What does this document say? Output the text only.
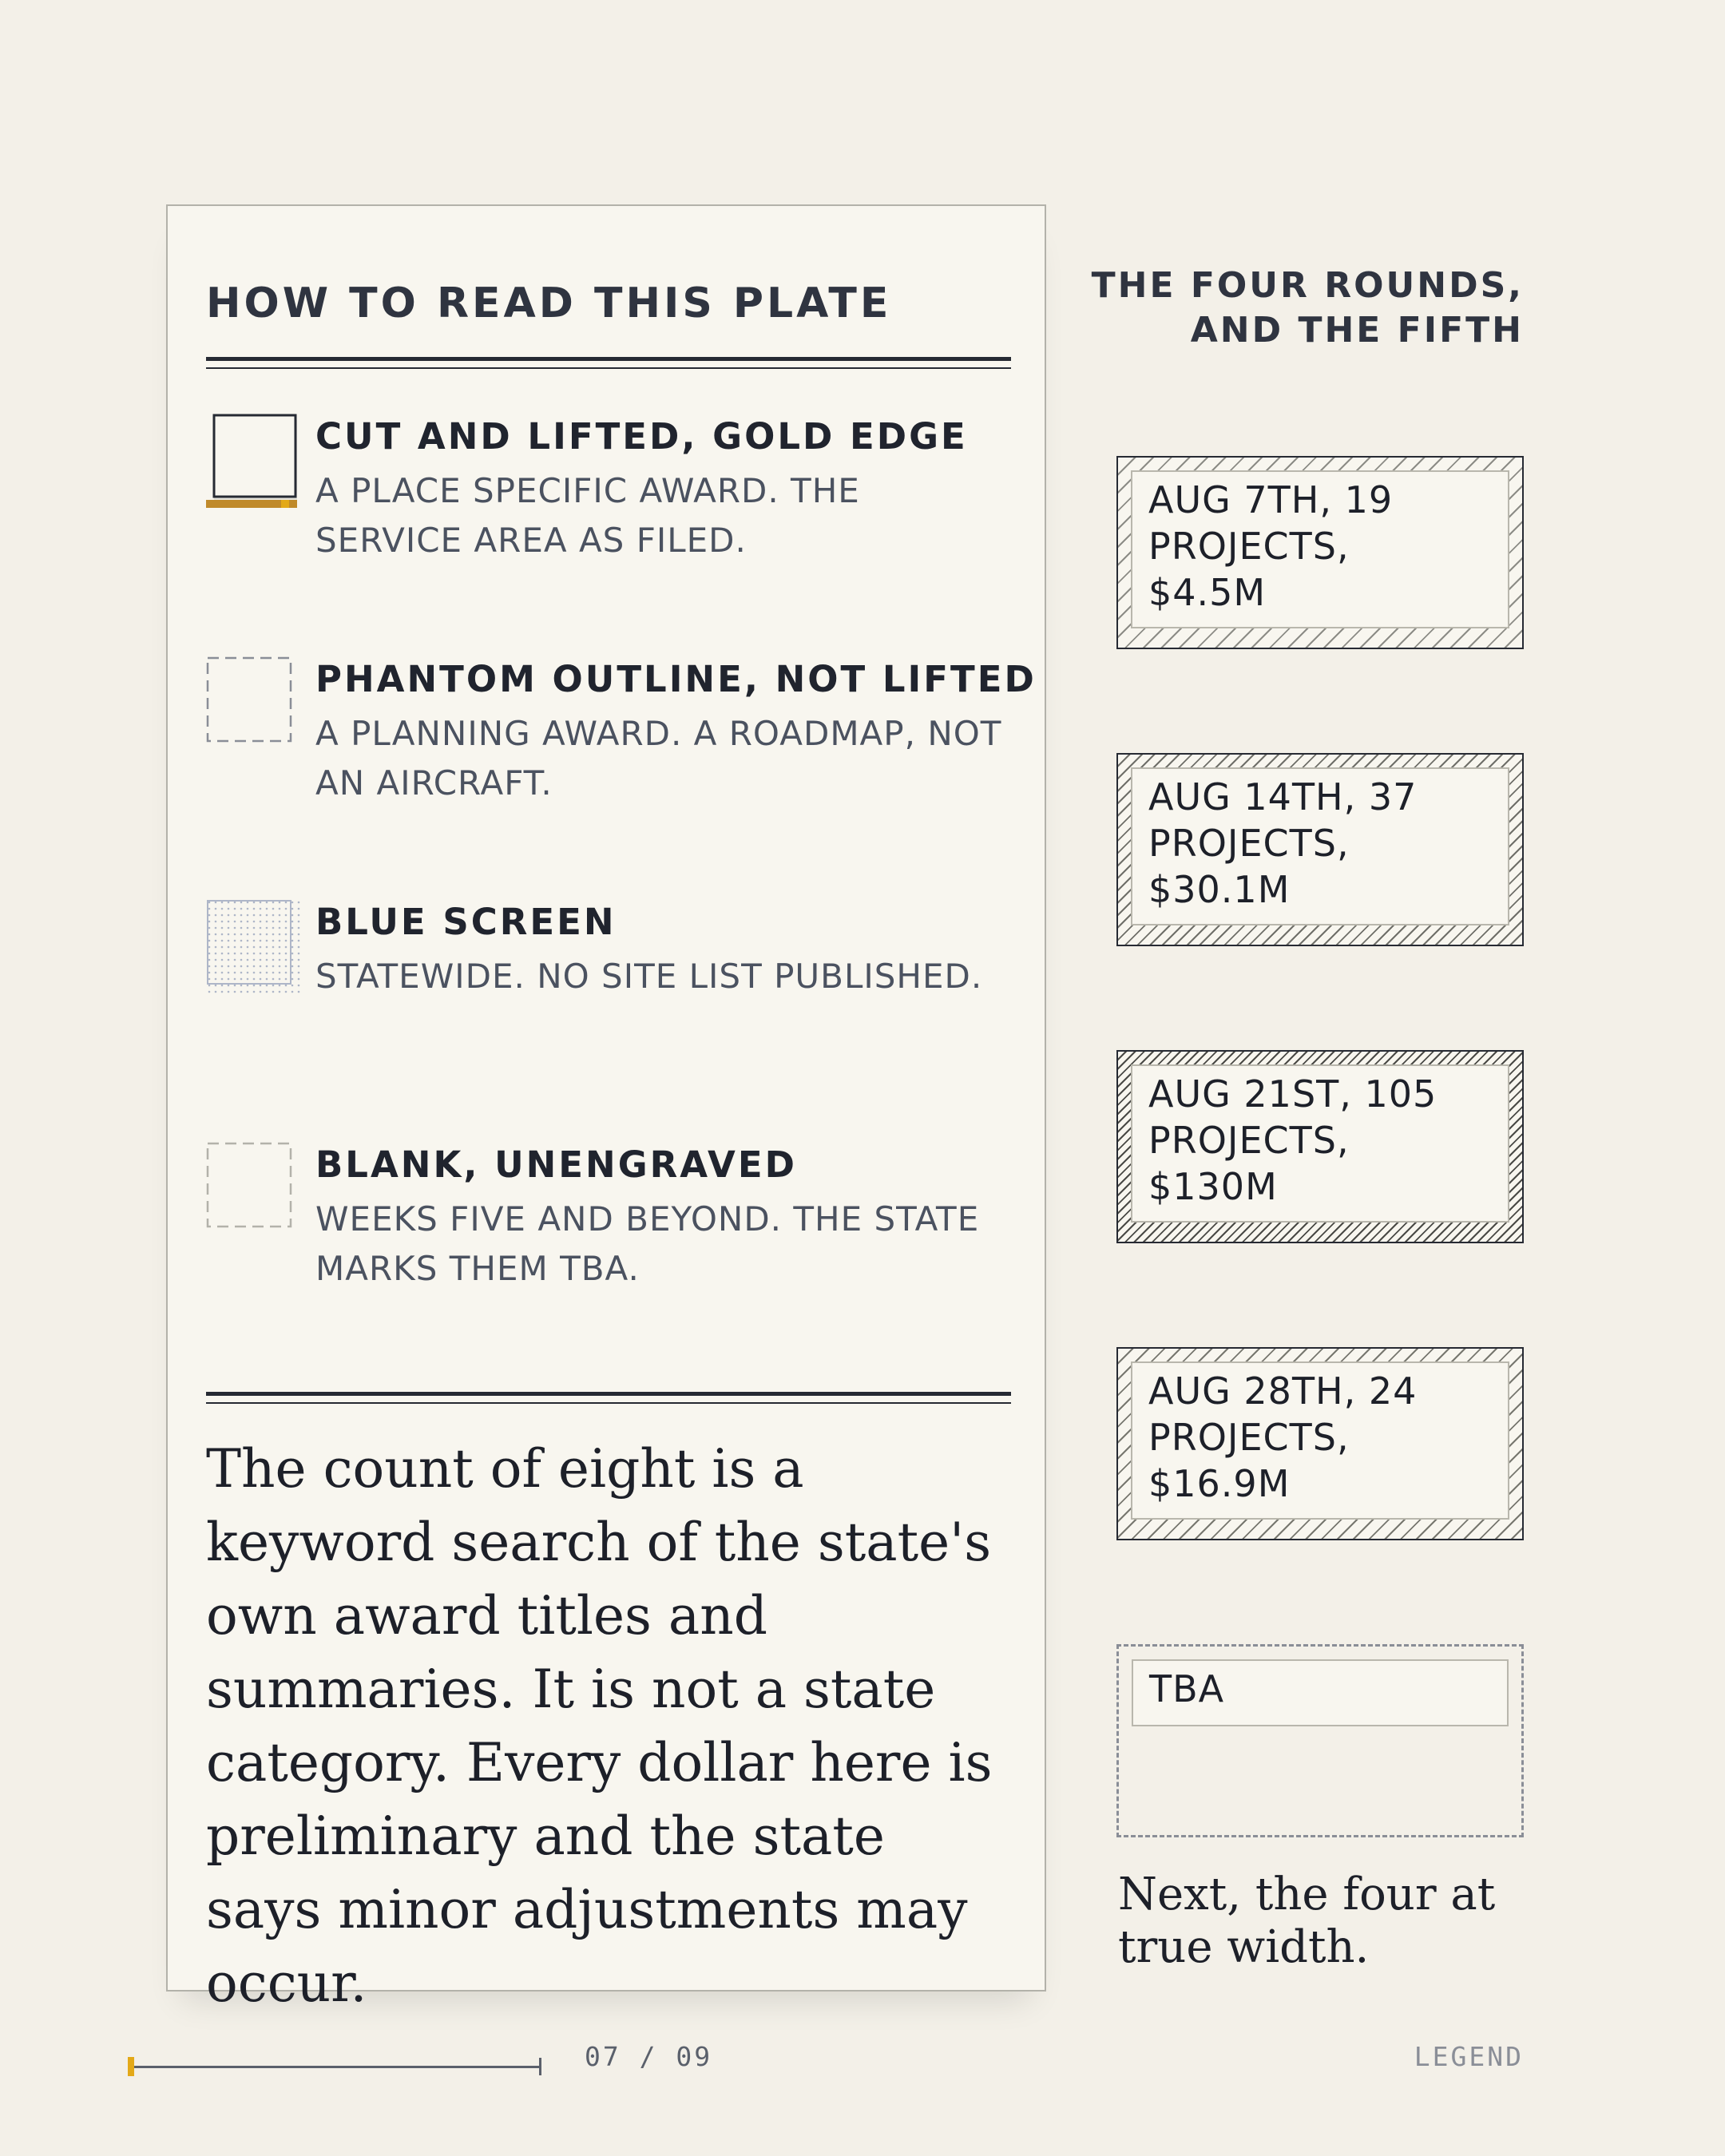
HOW TO READ THIS PLATE

CUT AND LIFTED, GOLD EDGE

A PLACE SPECIFIC AWARD. THE SERVICE AREA AS FILED.

PHANTOM OUTLINE, NOT LIFTED

A PLANNING AWARD. A ROADMAP, NOT AN AIRCRAFT.

BLUE SCREEN

STATEWIDE. NO SITE LIST PUBLISHED.

BLANK, UNENGRAVED

WEEKS FIVE AND BEYOND. THE STATE MARKS THEM TBA.

The count of eight is a keyword search of the state's own award titles and summaries. It is not a state category. Every dollar here is preliminary and the state says minor adjustments may occur.

THE FOUR ROUNDS,
AND THE FIFTH

AUG 7TH, 19
PROJECTS,
$4.5M

AUG 14TH, 37
PROJECTS,
$30.1M

AUG 21ST, 105
PROJECTS,
$130M

AUG 28TH, 24
PROJECTS,
$16.9M

TBA

Next, the four at true width.

07 / 09	LEGEND
